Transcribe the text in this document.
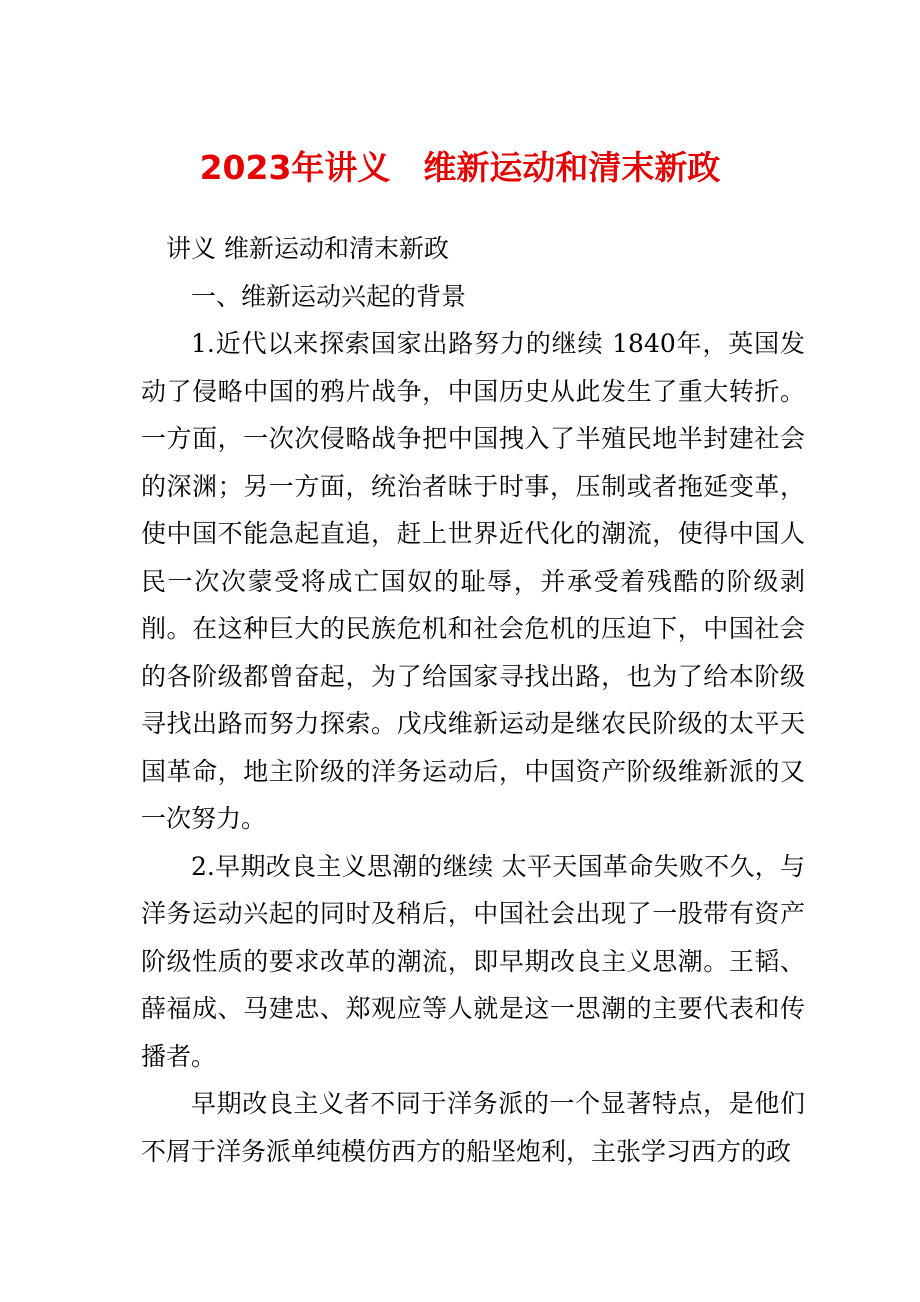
2023年讲义　维新运动和清末新政

讲义 维新运动和清末新政

一、维新运动兴起的背景

1.近代以来探索国家出路努力的继续 1840年，英国发动了侵略中国的鸦片战争，中国历史从此发生了重大转折。一方面，一次次侵略战争把中国拽入了半殖民地半封建社会的深渊；另一方面，统治者昧于时事，压制或者拖延变革，使中国不能急起直追，赶上世界近代化的潮流，使得中国人民一次次蒙受将成亡国奴的耻辱，并承受着残酷的阶级剥削。在这种巨大的民族危机和社会危机的压迫下，中国社会的各阶级都曾奋起，为了给国家寻找出路，也为了给本阶级寻找出路而努力探索。戊戌维新运动是继农民阶级的太平天国革命，地主阶级的洋务运动后，中国资产阶级维新派的又一次努力。

2.早期改良主义思潮的继续 太平天国革命失败不久，与洋务运动兴起的同时及稍后，中国社会出现了一股带有资产阶级性质的要求改革的潮流，即早期改良主义思潮。王韬、薛福成、马建忠、郑观应等人就是这一思潮的主要代表和传播者。

早期改良主义者不同于洋务派的一个显著特点，是他们不屑于洋务派单纯模仿西方的船坚炮利，主张学习西方的政
